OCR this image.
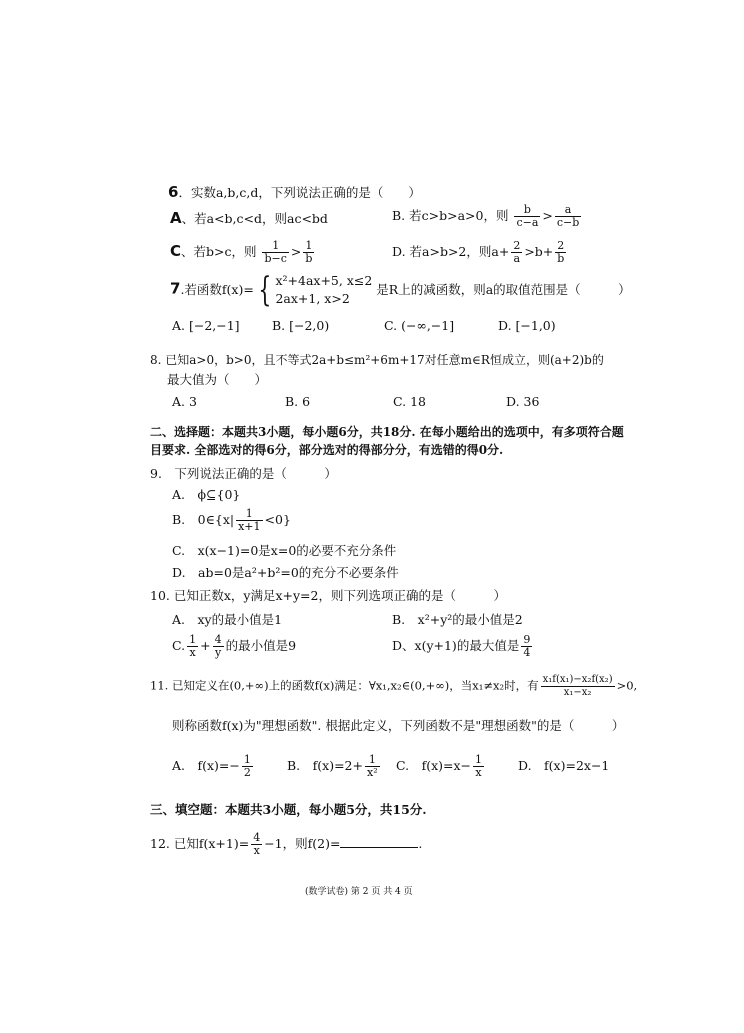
6．实数a,b,c,d，下列说法正确的是（　　）
A、若a<b,c<d，则ac<bd	B. 若c>b>a>0，则 $\frac{b}{c-a} > \frac{a}{c-b}$
C、若b>c，则 $\frac{1}{b-c} > \frac{1}{b}$	D. 若a>b>2，则$a+ \frac{2}{a} >b+ \frac{2}{b}$
7.若函数f(x)= { x²+4ax+5, x≤2
2ax+1, x>2
是R上的减函数，则a的取值范围是（　　　）
A. [−2,−1]	B. [−2,0)	C. (−∞,−1]	D. [−1,0)
8. 已知a>0，b>0，且不等式2a+b≤m²+6m+17对任意m∈R恒成立，则(a+2)b的
最大值为（　　）
A. 3	B. 6	C. 18	D. 36
二、选择题：本题共3小题，每小题6分，共18分. 在每小题给出的选项中，有多项符合题
目要求. 全部选对的得6分，部分选对的得部分分，有选错的得0分.
9.　下列说法正确的是（　　　）
A.　ϕ⊆{0}
B.　0∈{x| $\frac{1}{x+1} <0$}
C.　x(x−1)=0是x=0的必要不充分条件
D.　ab=0是a²+b²=0的充分不必要条件
10. 已知正数x，y满足x+y=2，则下列选项正确的是（　　　）
A.　xy的最小值是1	B.　x²+y²的最小值是2
C. $\frac{1}{x} + \frac{4}{y}$ 的最小值是9	D、x(y+1)的最大值是 $\frac{9}{4}$
11. 已知定义在(0,+∞)上的函数f(x)满足：∀x₁,x₂∈(0,+∞)，当x₁≠x₂时，有 $\frac{\text{x₁f(x₁)−x₂f(x₂)}}{\text{x₁−x₂}} >0$,
则称函数f(x)为"理想函数". 根据此定义，下列函数不是"理想函数"的是（　　　）
A.　$f(x)=- \frac{1}{2}$	B.　$f(x)=2+ \frac{1}{\text{x²}} C$.　$f(x)=x- \frac{1}{x}$	D.　f(x)=2x−1
三、填空题：本题共3小题，每小题5分，共15分.
12. 已知$f(x+1)= \frac{4}{x} -1$，则f(2)=	.
(数学试卷) 第 2 页 共 4 页
